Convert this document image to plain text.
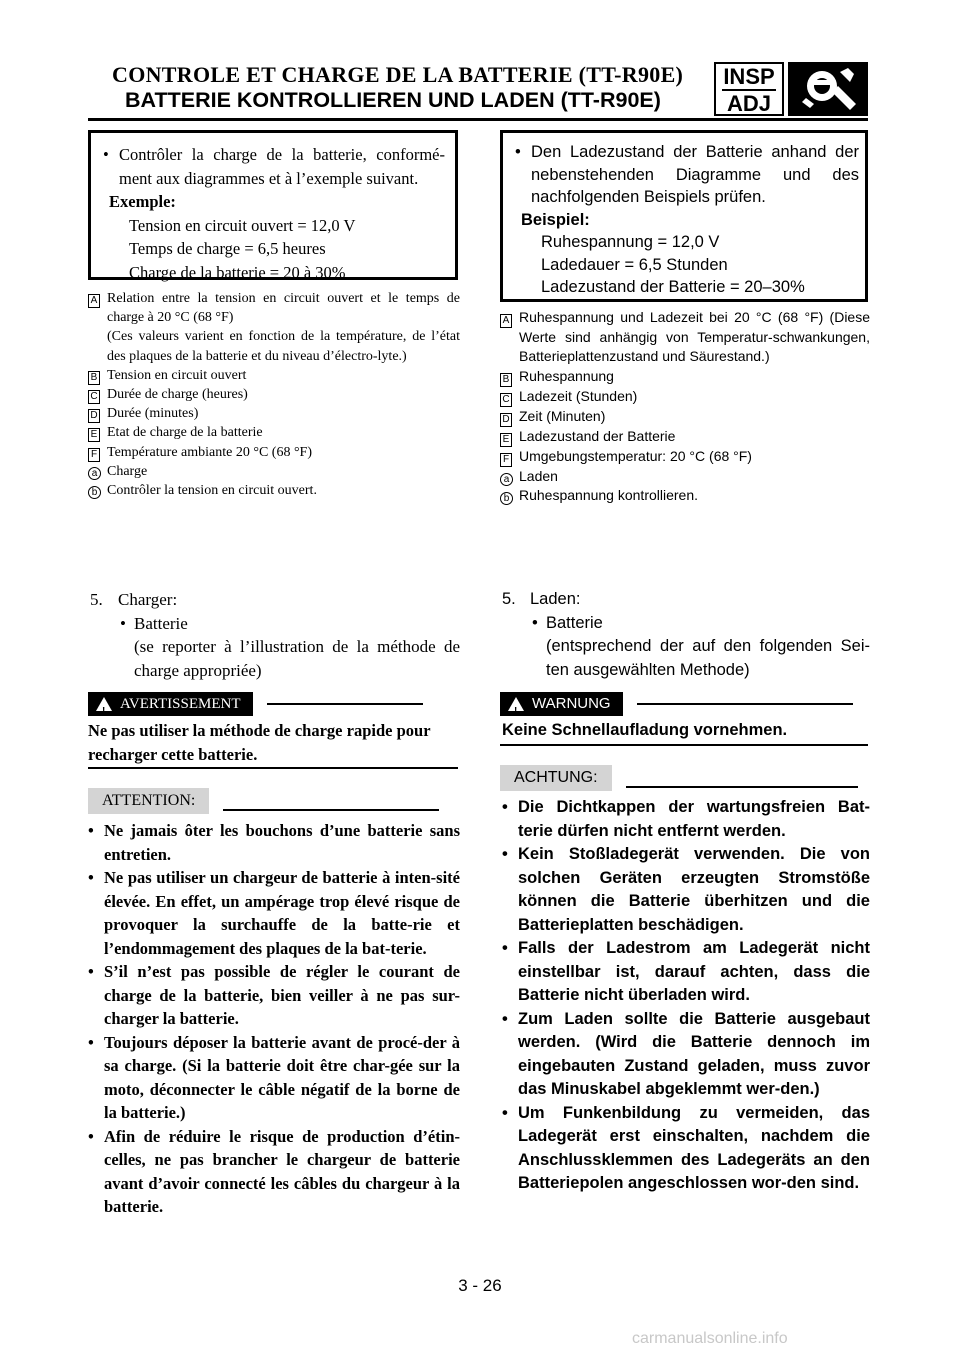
CONTROLE ET CHARGE DE LA BATTERIE (TT-R90E)
BATTERIE KONTROLLIEREN UND LADEN (TT-R90E)
INSP
ADJ
• Contrôler la charge de la batterie, conformé-ment aux diagrammes et à l’exemple suivant.
Exemple:
Tension en circuit ouvert = 12,0 V
Temps de charge = 6,5 heures
Charge de la batterie = 20 à 30%
• Den Ladezustand der Batterie anhand der nebenstehenden Diagramme und des nachfolgenden Beispiels prüfen.
Beispiel:
Ruhespannung = 12,0 V
Ladedauer = 6,5 Stunden
Ladezustand der Batterie = 20–30%
A Relation entre la tension en circuit ouvert et le temps de charge à 20 °C (68 °F)
(Ces valeurs varient en fonction de la température, de l’état des plaques de la batterie et du niveau d’électro-lyte.)
B Tension en circuit ouvert
C Durée de charge (heures)
D Durée (minutes)
E Etat de charge de la batterie
F Température ambiante 20 °C (68 °F)
a Charge
b Contrôler la tension en circuit ouvert.
A Ruhespannung und Ladezeit bei 20 °C (68 °F) (Diese Werte sind anhängig von Temperatur-schwankungen, Batterieplattenzustand und Säurestand.)
B Ruhespannung
C Ladezeit (Stunden)
D Zeit (Minuten)
E Ladezustand der Batterie
F Umgebungstemperatur: 20 °C (68 °F)
a Laden
b Ruhespannung kontrollieren.
5. Charger:
• Batterie
(se reporter à l’illustration de la méthode de charge appropriée)
5. Laden:
• Batterie
(entsprechend der auf den folgenden Sei-ten ausgewählten Methode)
! AVERTISSEMENT
Ne pas utiliser la méthode de charge rapide pour recharger cette batterie.
ATTENTION:
• Ne jamais ôter les bouchons d’une batterie sans entretien.
• Ne pas utiliser un chargeur de batterie à inten-sité élevée. En effet, un ampérage trop élevé risque de provoquer la surchauffe de la batte-rie et l’endommagement des plaques de la bat-terie.
• S’il n’est pas possible de régler le courant de charge de la batterie, bien veiller à ne pas sur-charger la batterie.
• Toujours déposer la batterie avant de procé-der à sa charge. (Si la batterie doit être char-gée sur la moto, déconnecter le câble négatif de la borne de la batterie.)
• Afin de réduire le risque de production d’étin-celles, ne pas brancher le chargeur de batterie avant d’avoir connecté les câbles du chargeur à la batterie.
! WARNUNG
Keine Schnellaufladung vornehmen.
ACHTUNG:
• Die Dichtkappen der wartungsfreien Bat-terie dürfen nicht entfernt werden.
• Kein Stoßladegerät verwenden. Die von solchen Geräten erzeugten Stromstöße können die Batterie überhitzen und die Batterieplatten beschädigen.
• Falls der Ladestrom am Ladegerät nicht einstellbar ist, darauf achten, dass die Batterie nicht überladen wird.
• Zum Laden sollte die Batterie ausgebaut werden. (Wird die Batterie dennoch im eingebauten Zustand geladen, muss zuvor das Minuskabel abgeklemmt wer-den.)
• Um Funkenbildung zu vermeiden, das Ladegerät erst einschalten, nachdem die Anschlussklemmen des Ladegeräts an den Batteriepolen angeschlossen wor-den sind.
3 - 26
carmanualsonline.info
